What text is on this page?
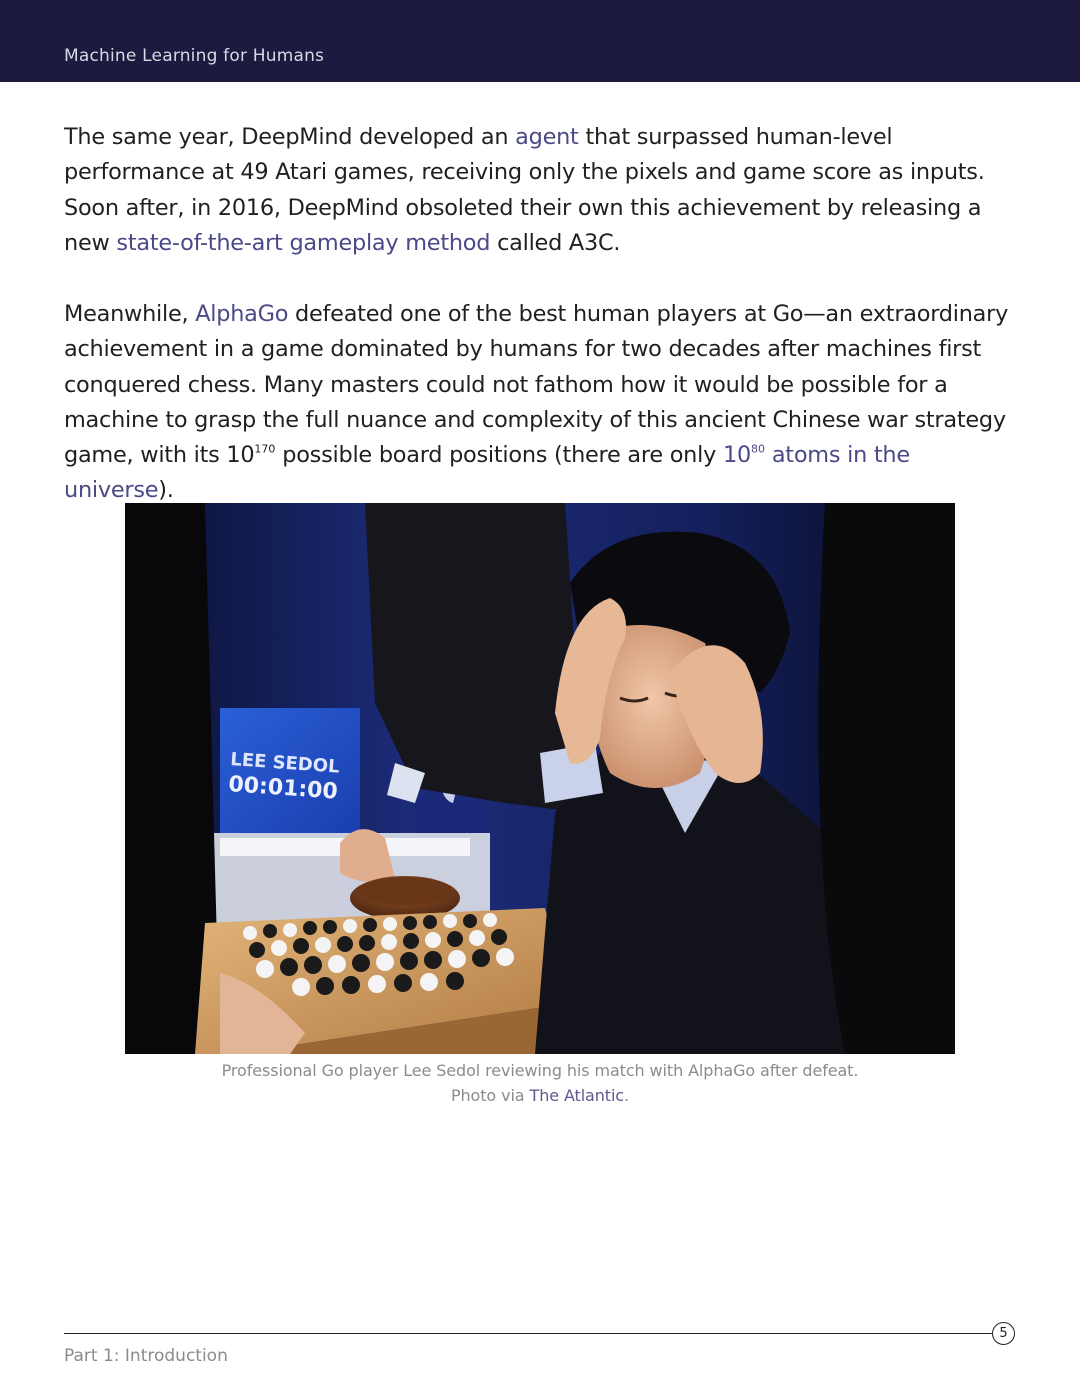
Machine Learning for Humans
The same year, DeepMind developed an agent that surpassed human-level performance at 49 Atari games, receiving only the pixels and game score as inputs. Soon after, in 2016, DeepMind obsoleted their own this achievement by releasing a new state-of-the-art gameplay method called A3C.
Meanwhile, AlphaGo defeated one of the best human players at Go—an extraordinary achievement in a game dominated by humans for two decades after machines first conquered chess. Many masters could not fathom how it would be possible for a machine to grasp the full nuance and complexity of this ancient Chinese war strategy game, with its $10^{170}$ possible board positions (there are only $10^{80}$ atoms in the universe).
LEE SEDOL
00:01:00
Professional Go player Lee Sedol reviewing his match with AlphaGo after defeat.
Photo via The Atlantic.
5
Part 1: Introduction
